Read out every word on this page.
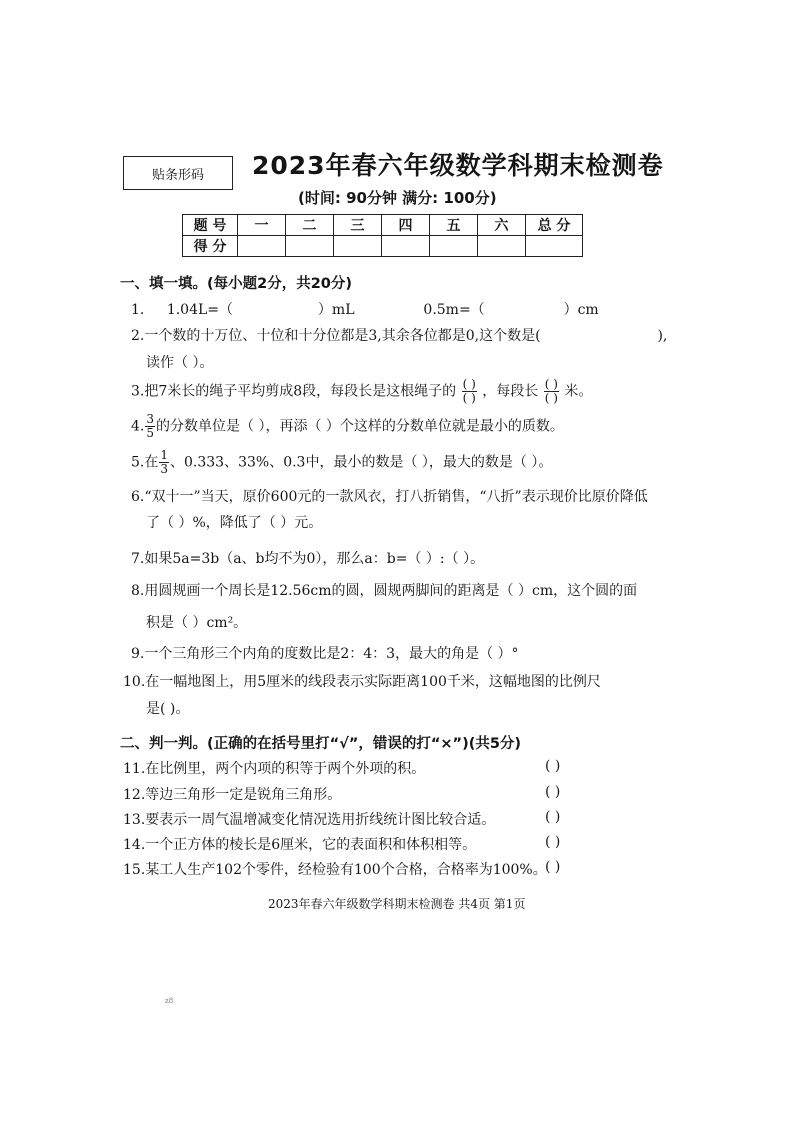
贴条形码 2023年春六年级数学科期末检测卷
(时间: 90分钟 满分: 100分)
题 号	一	二	三	四	五	六	总 分
得 分							
一、填一填。(每小题2分，共20分)
1. 1.04L=（	）mL	0.5m=（	）cm
2.一个数的十万位、十位和十分位都是3,其余各位都是0,这个数是(	),
读作（ ）。
3.把7米长的绳子平均剪成8段，每段长是这根绳子的 $\frac{( )}{( )}$ ，每段长 $\frac{( )}{( )}$ 米。
4. $\frac{3}{5}$ 的分数单位是（ ），再添（ ）个这样的分数单位就是最小的质数。
5.在 $\frac{1}{3}$ 、0.333、33%、0.3中，最小的数是（ ），最大的数是（ ）。
6.“双十一”当天，原价600元的一款风衣，打八折销售，“八折”表示现价比原价降低
了（ ）%，降低了（ ）元。
7.如果5a=3b（a、b均不为0），那么a：b=（ ）:（ ）。
8.用圆规画一个周长是12.56cm的圆，圆规两脚间的距离是（ ）cm，这个圆的面
积是（ ）cm²。
9.一个三角形三个内角的度数比是2：4：3，最大的角是（ ）°
10.在一幅地图上，用5厘米的线段表示实际距离100千米，这幅地图的比例尺
是( )。
二、判一判。(正确的在括号里打“√”，错误的打“×”)(共5分)
11.在比例里，两个内项的积等于两个外项的积。	( )
12.等边三角形一定是锐角三角形。	( )
13.要表示一周气温增减变化情况选用折线统计图比较合适。	( )
14.一个正方体的棱长是6厘米，它的表面积和体积相等。	( )
15.某工人生产102个零件，经检验有100个合格，合格率为100%。
( )
2023年春六年级数学科期末检测卷 共4页 第1页
z8
